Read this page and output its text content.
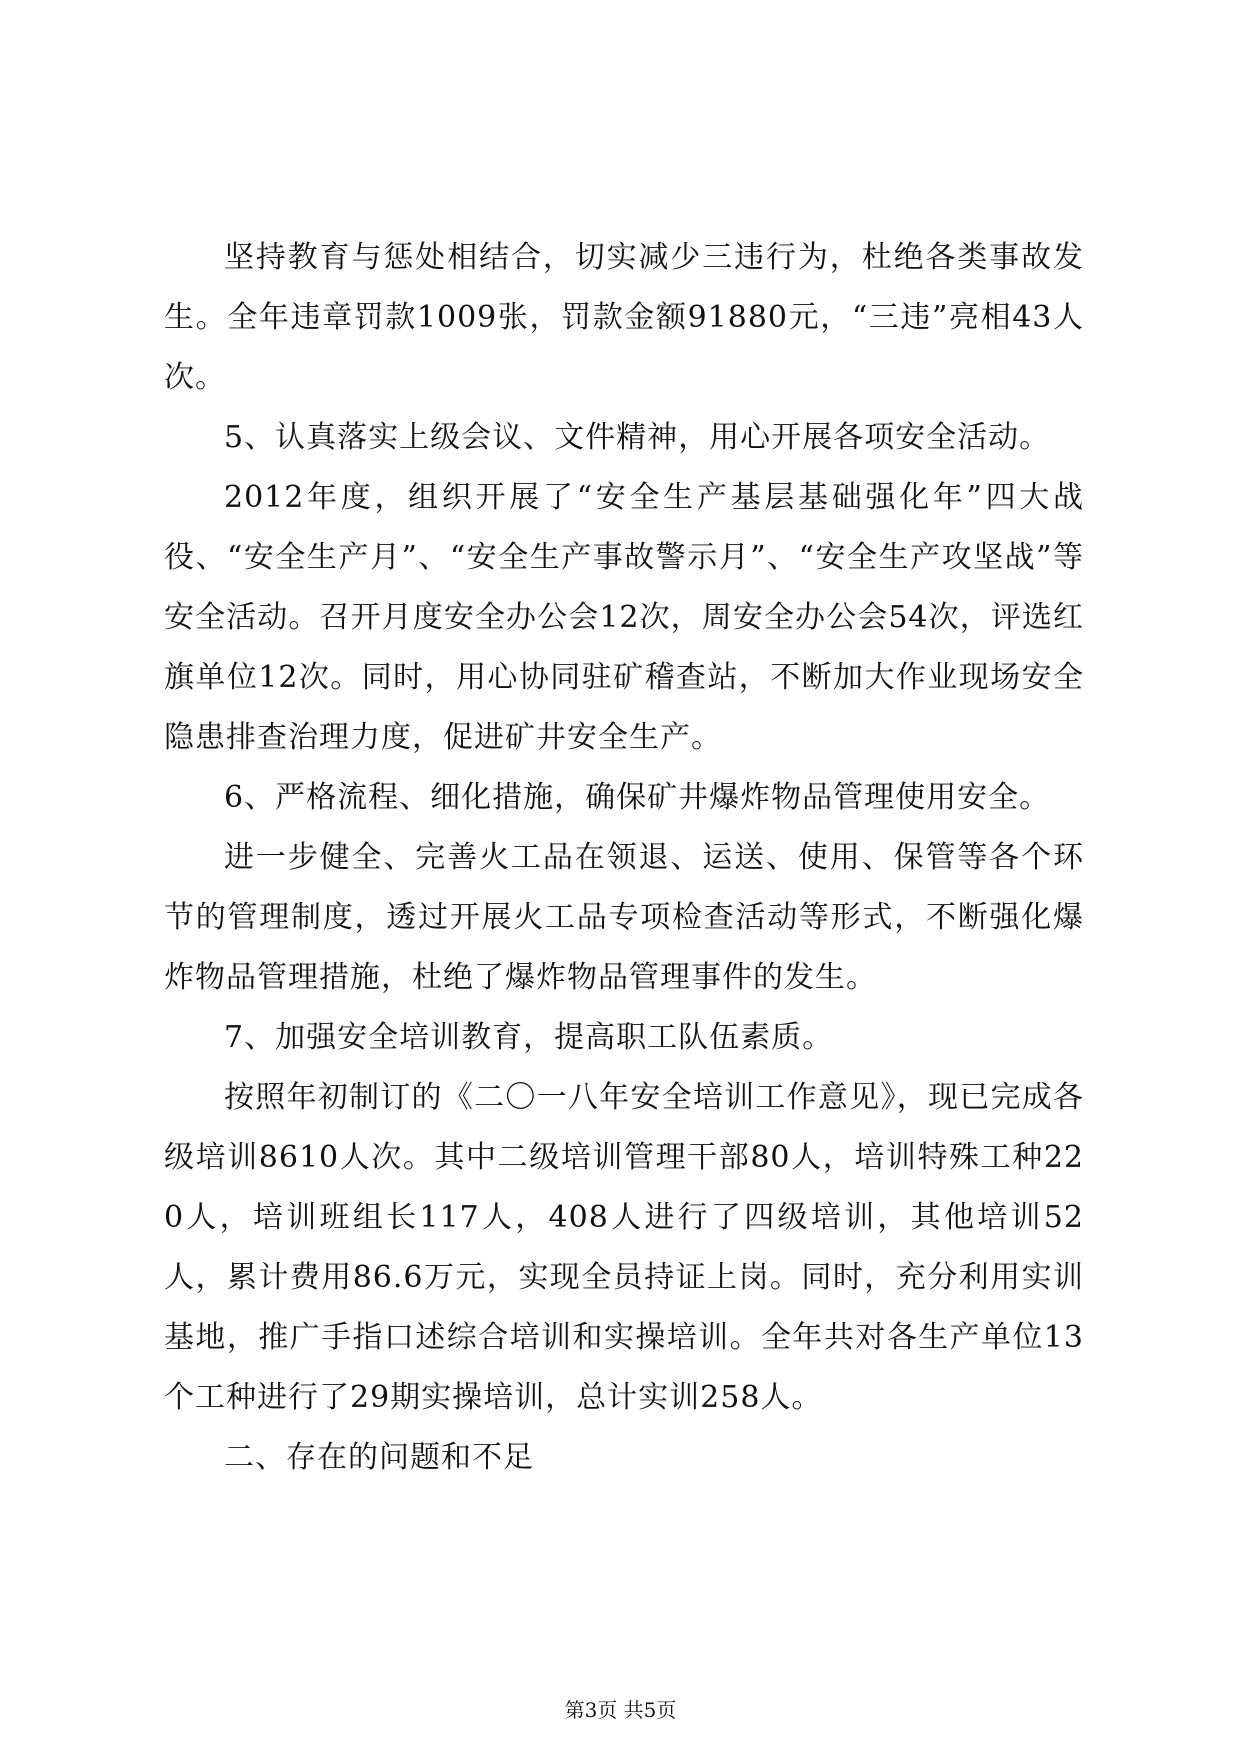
坚持教育与惩处相结合，切实减少三违行为，杜绝各类事故发生。全年违章罚款1009张，罚款金额91880元，“三违”亮相43人次。

5、认真落实上级会议、文件精神，用心开展各项安全活动。

2012年度，组织开展了“安全生产基层基础强化年”四大战役、“安全生产月”、“安全生产事故警示月”、“安全生产攻坚战”等安全活动。召开月度安全办公会12次，周安全办公会54次，评选红旗单位12次。同时，用心协同驻矿稽查站，不断加大作业现场安全隐患排查治理力度，促进矿井安全生产。

6、严格流程、细化措施，确保矿井爆炸物品管理使用安全。

进一步健全、完善火工品在领退、运送、使用、保管等各个环节的管理制度，透过开展火工品专项检查活动等形式，不断强化爆炸物品管理措施，杜绝了爆炸物品管理事件的发生。

7、加强安全培训教育，提高职工队伍素质。

按照年初制订的《二〇一八年安全培训工作意见》，现已完成各级培训8610人次。其中二级培训管理干部80人，培训特殊工种220人，培训班组长117人，408人进行了四级培训，其他培训52人，累计费用86.6万元，实现全员持证上岗。同时，充分利用实训基地，推广手指口述综合培训和实操培训。全年共对各生产单位13个工种进行了29期实操培训，总计实训258人。

二、存在的问题和不足

第3页 共5页
